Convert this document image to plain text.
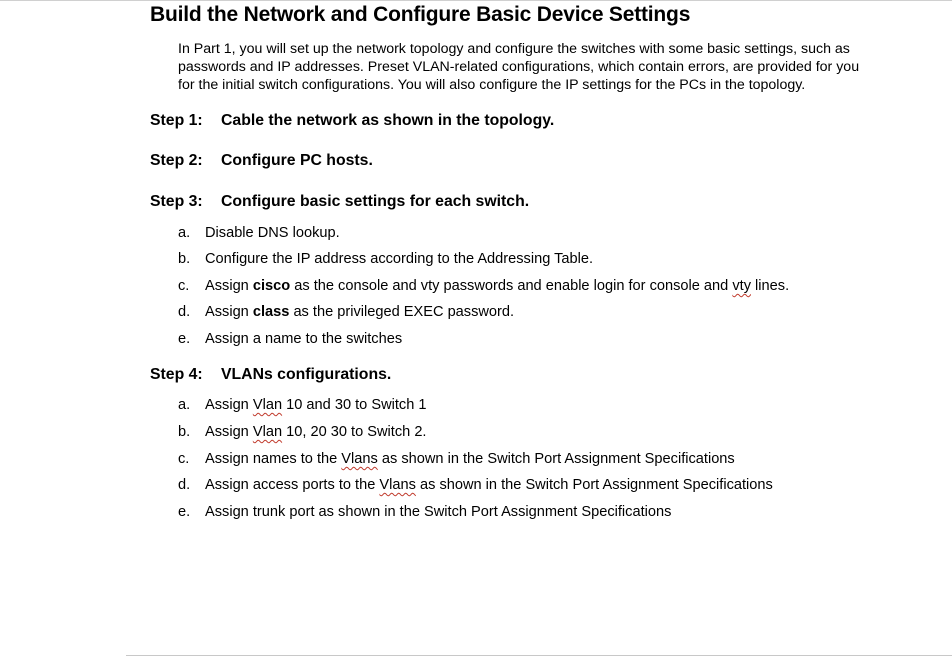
Build the Network and Configure Basic Device Settings
In Part 1, you will set up the network topology and configure the switches with some basic settings, such as
passwords and IP addresses. Preset VLAN-related configurations, which contain errors, are provided for you
for the initial switch configurations. You will also configure the IP settings for the PCs in the topology.
Step 1: Cable the network as shown in the topology.
Step 2: Configure PC hosts.
Step 3: Configure basic settings for each switch.
a. Disable DNS lookup.
b. Configure the IP address according to the Addressing Table.
c. Assign cisco as the console and vty passwords and enable login for console and vty lines.
d. Assign class as the privileged EXEC password.
e. Assign a name to the switches
Step 4: VLANs configurations.
a. Assign Vlan 10 and 30 to Switch 1
b. Assign Vlan 10, 20 30 to Switch 2.
c. Assign names to the Vlans as shown in the Switch Port Assignment Specifications
d. Assign access ports to the Vlans as shown in the Switch Port Assignment Specifications
e. Assign trunk port as shown in the Switch Port Assignment Specifications
